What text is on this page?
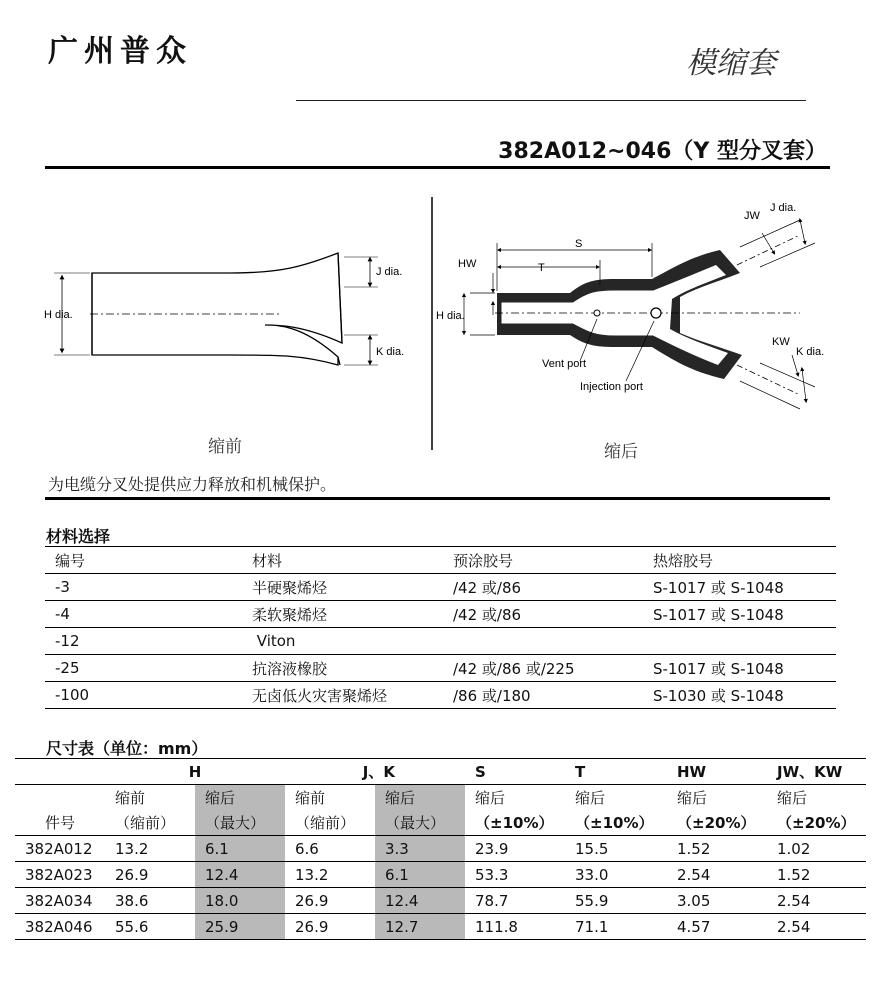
广州普众	模缩套
382A012~046（Y 型分叉套）
H dia.
J dia.
K dia.
缩前
HW	T
S
H dia.
JW
J dia.
KW
K dia.
Vent port
Injection port
缩后
为电缆分叉处提供应力释放和机械保护。
材料选择
编号	材料	预涂胶号	热熔胶号
-3	半硬聚烯烃	/42 或/86	S-1017 或 S-1048
-4	柔软聚烯烃	/42 或/86	S-1017 或 S-1048
-12	Viton		
-25	抗溶液橡胶	/42 或/86 或/225	S-1017 或 S-1048
-100	无卤低火灾害聚烯烃	/86 或/180	S-1030 或 S-1048
尺寸表（单位：mm）
	H		J、K		S	T	HW	JW、KW
	缩前	缩后	缩前	缩后	缩后	缩后	缩后	缩后
件号	（缩前）	（最大）	（缩前）	（最大）	（±10%）	（±10%）	（±20%）	（±20%）
382A012	13.2	6.1	6.6	3.3	23.9	15.5	1.52	1.02
382A023	26.9	12.4	13.2	6.1	53.3	33.0	2.54	1.52
382A034	38.6	18.0	26.9	12.4	78.7	55.9	3.05	2.54
382A046	55.6	25.9	26.9	12.7	111.8	71.1	4.57	2.54
